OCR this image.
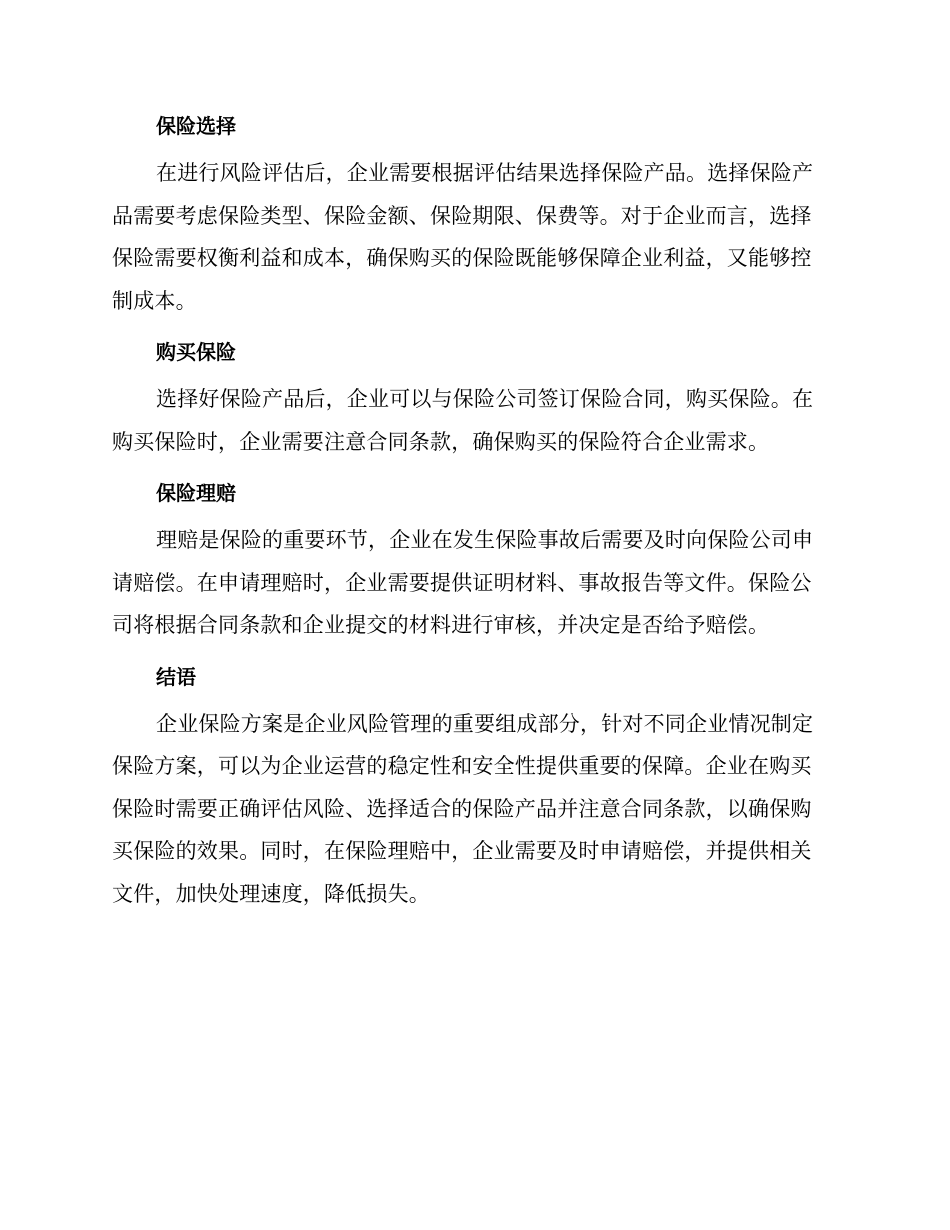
保险选择
在进行风险评估后，企业需要根据评估结果选择保险产品。选择保险产
品需要考虑保险类型、保险金额、保险期限、保费等。对于企业而言，选择
保险需要权衡利益和成本，确保购买的保险既能够保障企业利益，又能够控
制成本。
购买保险
选择好保险产品后，企业可以与保险公司签订保险合同，购买保险。在
购买保险时，企业需要注意合同条款，确保购买的保险符合企业需求。
保险理赔
理赔是保险的重要环节，企业在发生保险事故后需要及时向保险公司申
请赔偿。在申请理赔时，企业需要提供证明材料、事故报告等文件。保险公
司将根据合同条款和企业提交的材料进行审核，并决定是否给予赔偿。
结语
企业保险方案是企业风险管理的重要组成部分，针对不同企业情况制定
保险方案，可以为企业运营的稳定性和安全性提供重要的保障。企业在购买
保险时需要正确评估风险、选择适合的保险产品并注意合同条款，以确保购
买保险的效果。同时，在保险理赔中，企业需要及时申请赔偿，并提供相关
文件，加快处理速度，降低损失。
